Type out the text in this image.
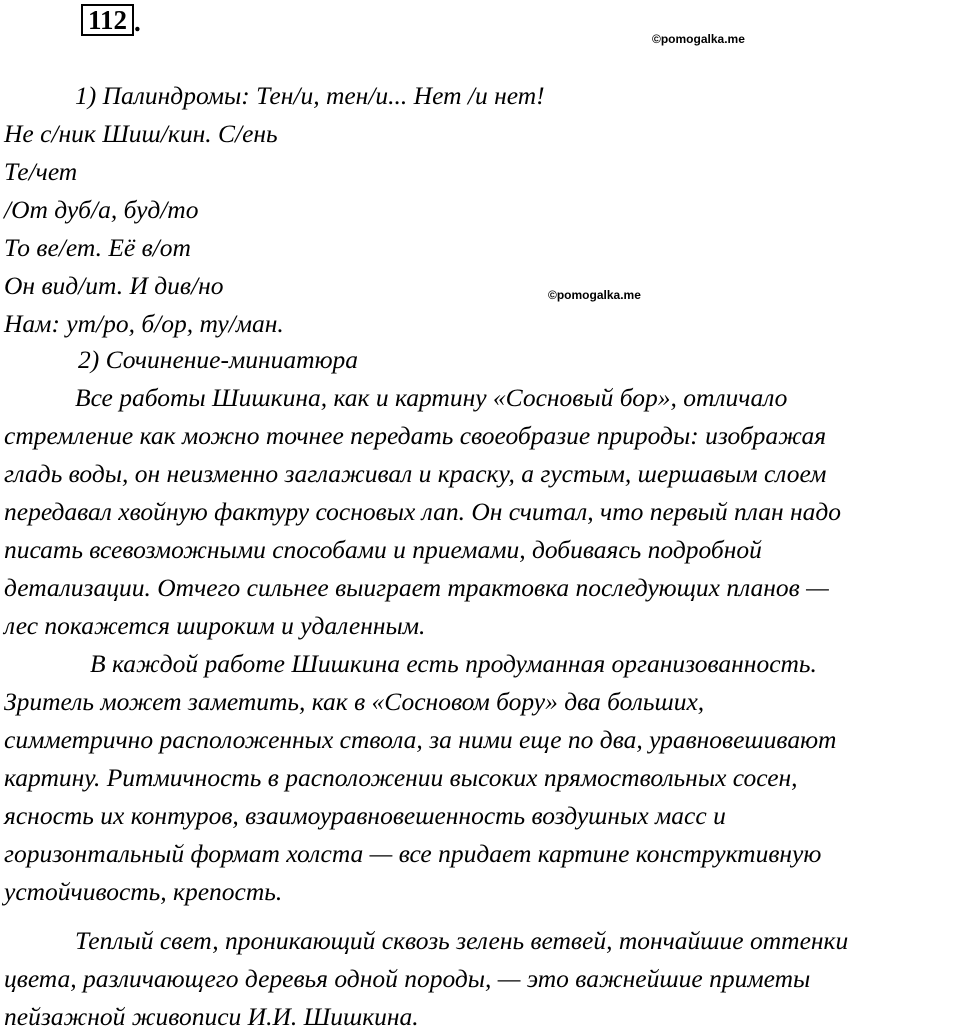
112 .
©pomogalka.me
©pomogalka.me
1) Палиндромы: Тен/и, тен/и... Нет /и нет!
Не с/ник Шиш/кин. С/ень
Те/чет
/От дуб/а, буд/то
То ве/ет. Её в/от
Он вид/ит. И див/но
Нам: ут/ро, б/ор, ту/ман.
2) Сочинение-миниатюра
Все работы Шишкина, как и картину «Сосновый бор», отличало
стремление как можно точнее передать своеобразие природы: изображая
гладь воды, он неизменно заглаживал и краску, а густым, шершавым слоем
передавал хвойную фактуру сосновых лап. Он считал, что первый план надо
писать всевозможными способами и приемами, добиваясь подробной
детализации. Отчего сильнее выиграет трактовка последующих планов —
лес покажется широким и удаленным.
В каждой работе Шишкина есть продуманная организованность.
Зритель может заметить, как в «Сосновом бору» два больших,
симметрично расположенных ствола, за ними еще по два, уравновешивают
картину. Ритмичность в расположении высоких прямоствольных сосен,
ясность их контуров, взаимоуравновешенность воздушных масс и
горизонтальный формат холста — все придает картине конструктивную
устойчивость, крепость.
Теплый свет, проникающий сквозь зелень ветвей, тончайшие оттенки
цвета, различающего деревья одной породы, — это важнейшие приметы
пейзажной живописи И.И. Шишкина.
